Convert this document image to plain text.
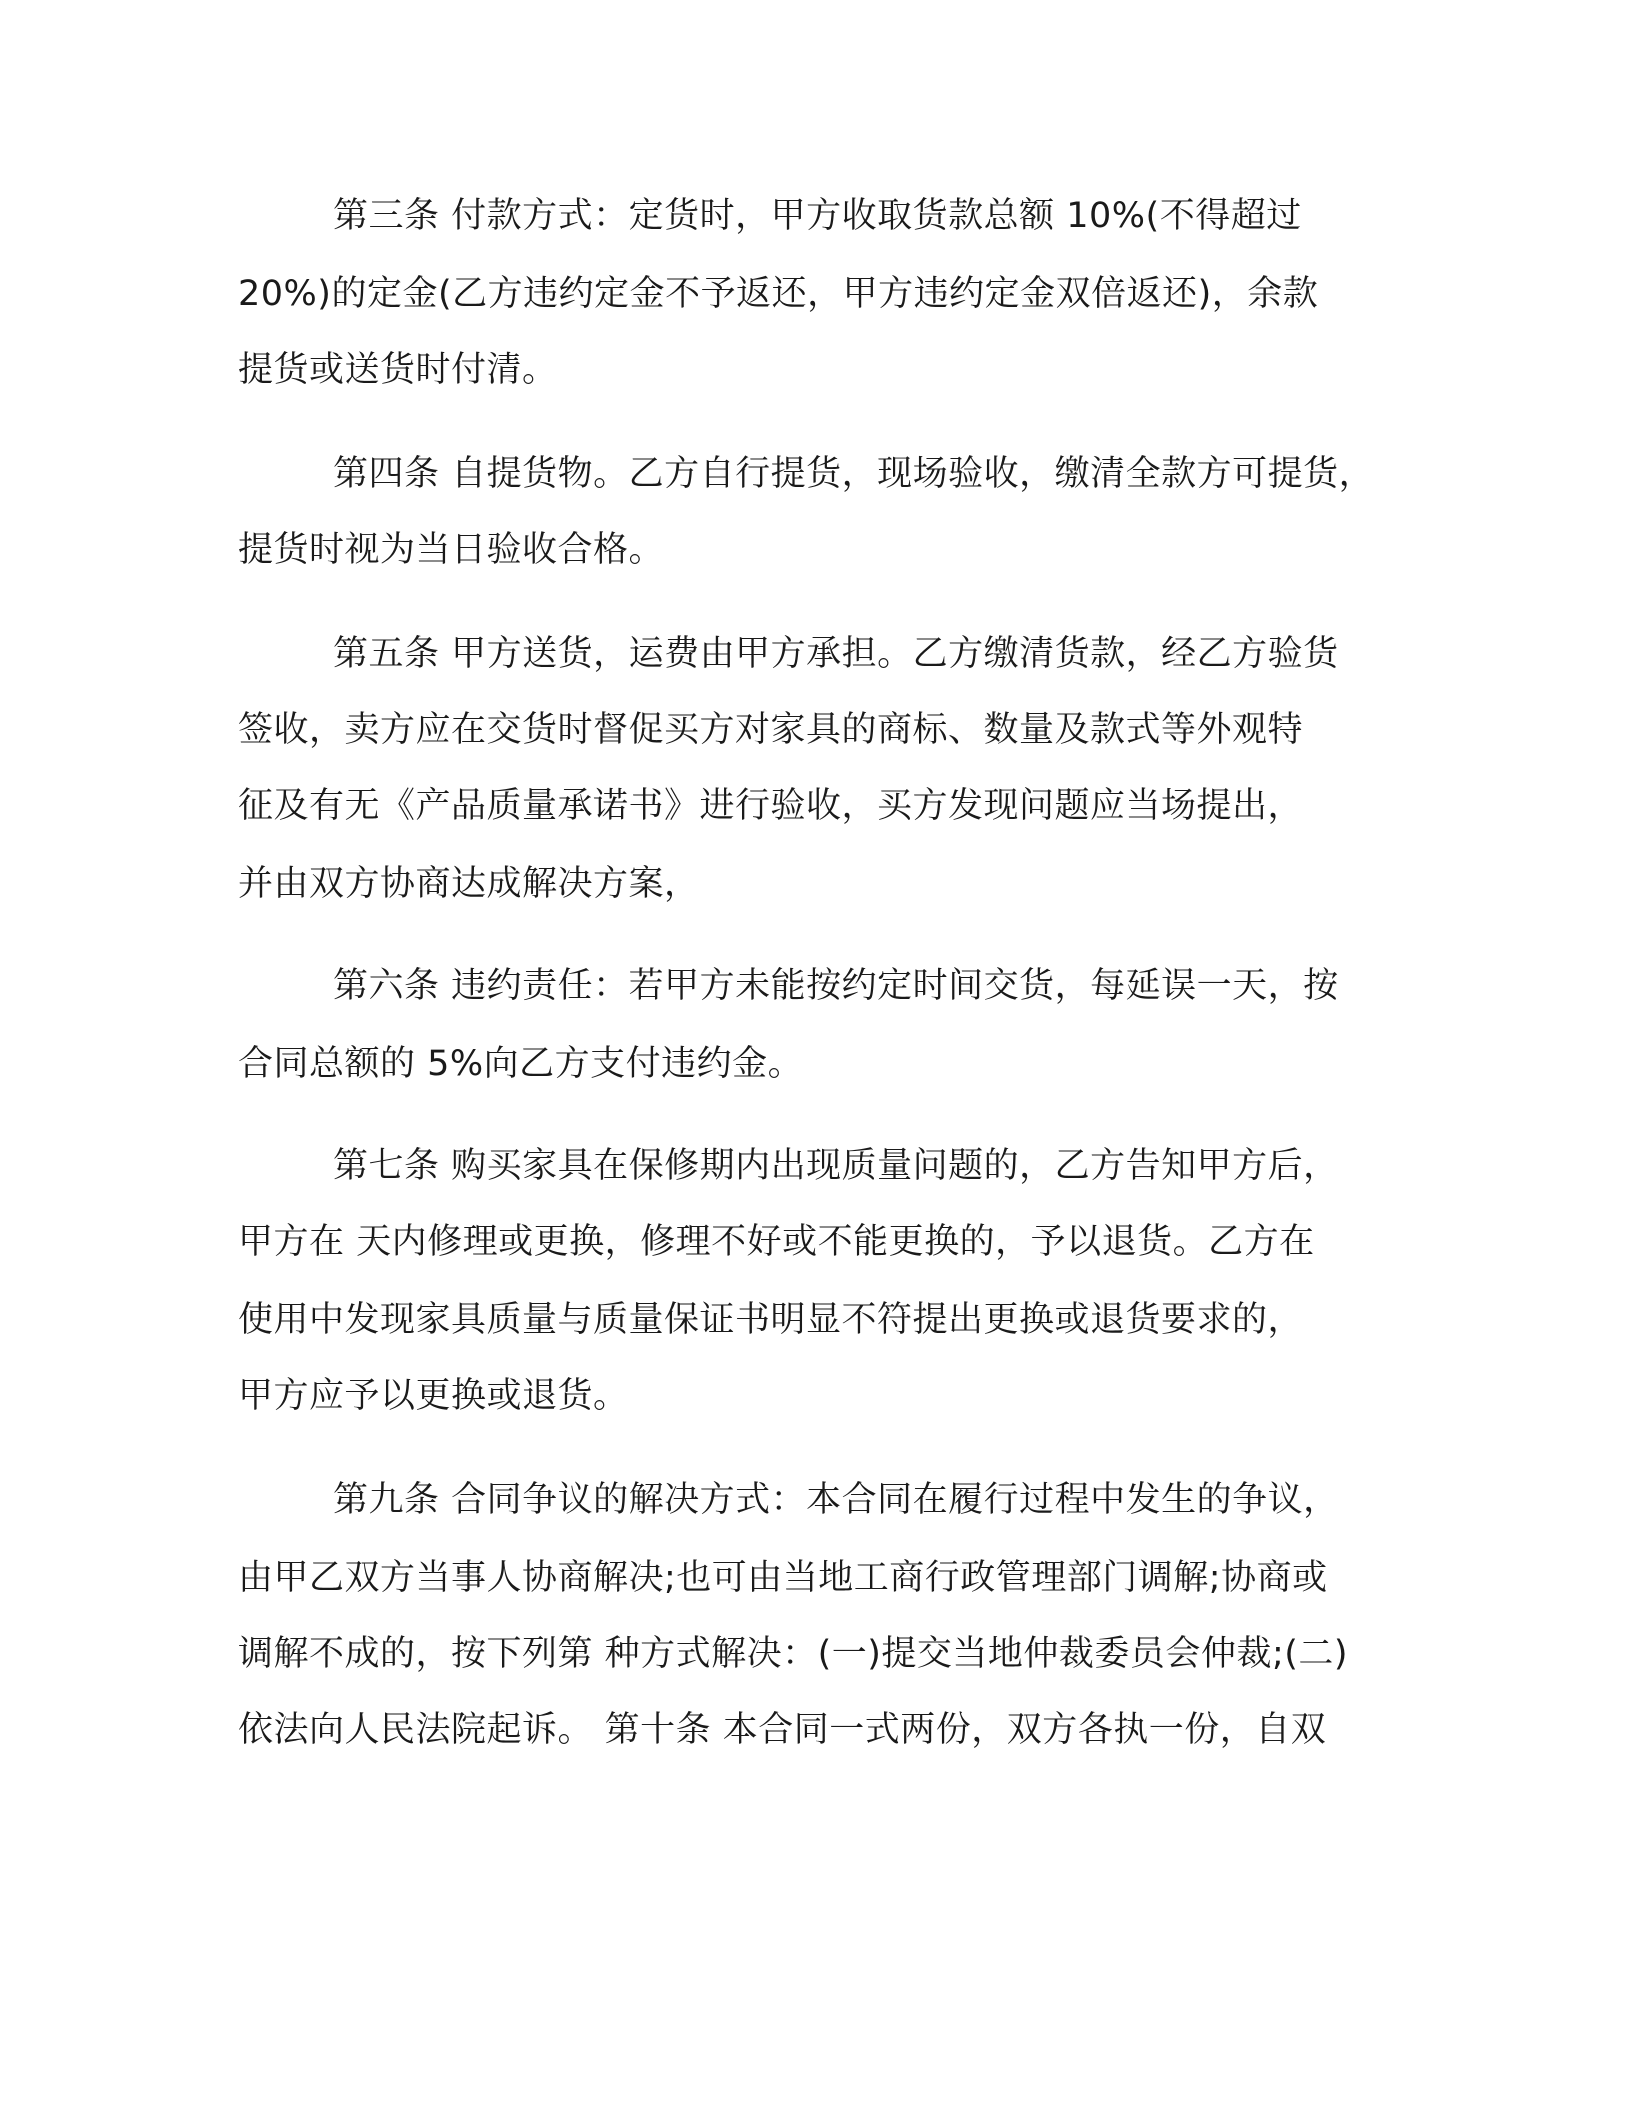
第三条 付款方式：定货时，甲方收取货款总额 10%(不得超过
20%)的定金(乙方违约定金不予返还，甲方违约定金双倍返还)，余款
提货或送货时付清。
第四条 自提货物。乙方自行提货，现场验收，缴清全款方可提货，
提货时视为当日验收合格。
第五条 甲方送货，运费由甲方承担。乙方缴清货款，经乙方验货
签收，卖方应在交货时督促买方对家具的商标、数量及款式等外观特
征及有无《产品质量承诺书》进行验收，买方发现问题应当场提出，
并由双方协商达成解决方案，
第六条 违约责任：若甲方未能按约定时间交货，每延误一天，按
合同总额的 5%向乙方支付违约金。
第七条 购买家具在保修期内出现质量问题的，乙方告知甲方后，
甲方在 天内修理或更换，修理不好或不能更换的，予以退货。乙方在
使用中发现家具质量与质量保证书明显不符提出更换或退货要求的，
甲方应予以更换或退货。
第九条 合同争议的解决方式：本合同在履行过程中发生的争议，
由甲乙双方当事人协商解决;也可由当地工商行政管理部门调解;协商或
调解不成的，按下列第 种方式解决：(一)提交当地仲裁委员会仲裁;(二)
依法向人民法院起诉。 第十条 本合同一式两份，双方各执一份，自双
